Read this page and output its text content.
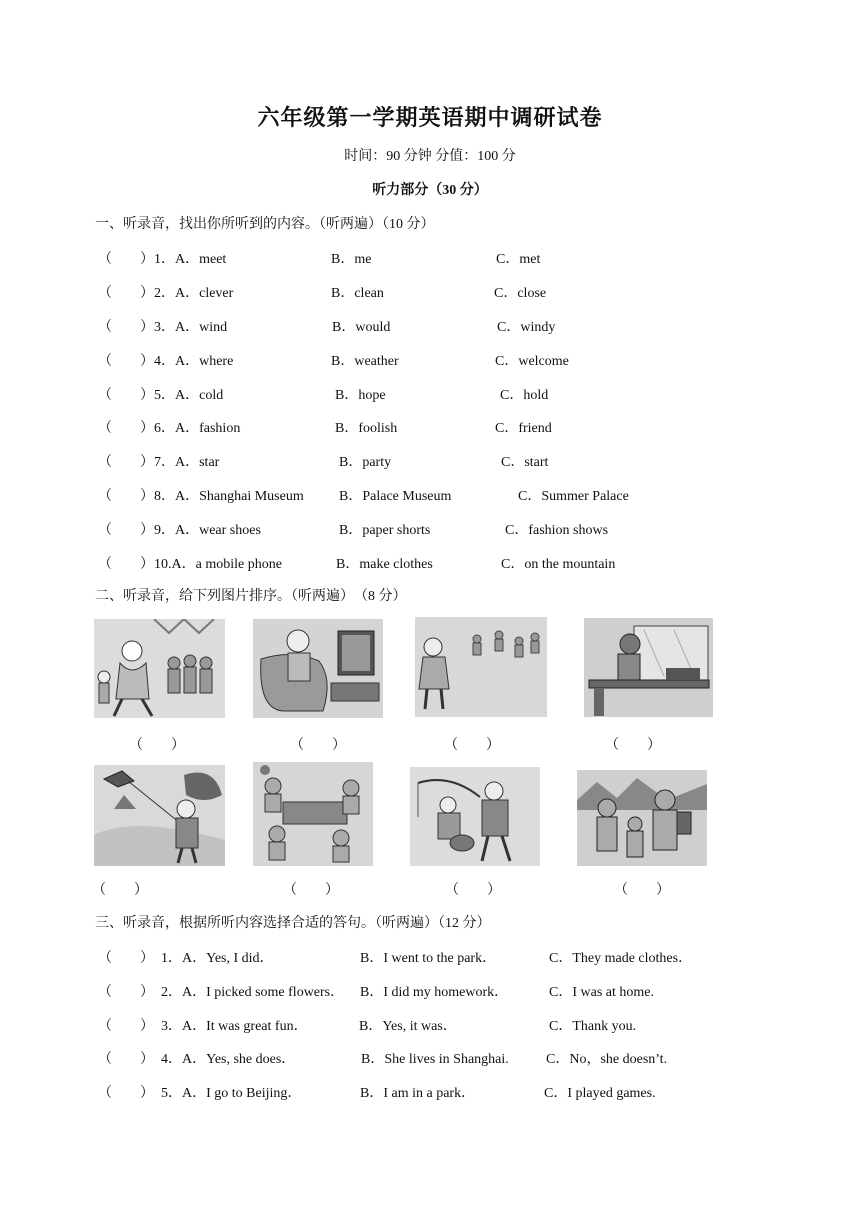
六年级第一学期英语期中调研试卷
时间：90 分钟 分值：100 分
听力部分（30 分）
一、听录音，找出你所听到的内容。（听两遍）（10 分）
（　　）1．A．meet	B．me	C．met
（　　）2．A．clever	B．clean	C．close
（　　）3．A．wind	B．would	C．windy
（　　）4．A．where	B．weather	C．welcome
（　　）5．A．cold	B．hope	C．hold
（　　）6．A．fashion	B．foolish	C．friend
（　　）7．A．star	B．party	C．start
（　　）8．A．Shanghai Museum	B．Palace Museum	C．Summer Palace
（　　）9．A．wear shoes	B．paper shorts	C．fashion shows
（　　）10.A．a mobile phone	B．make clothes	C．on the mountain
二、听录音，给下列图片排序。（听两遍）　（8 分）
（　　）	（　　）	（　　）	（　　）
（　　）	（　　）	（　　）	（　　）
三、听录音，根据所听内容选择合适的答句。（听两遍）（12 分）
（　　）　1．A．Yes, I did．	B．I went to the park．	C．They made clothes．
（　　）　2．A．I picked some flowers． B．I did my homework．	C．I was at home.
（　　）　3．A．It was great fun．	B．Yes, it was．	C．Thank you.
（　　）　4．A．Yes, she does．	B．She lives in Shanghai.	C．No，she doesn’t.
（　　）　5．A．I go to Beijing．	B．I am in a park．	C．I played games.
